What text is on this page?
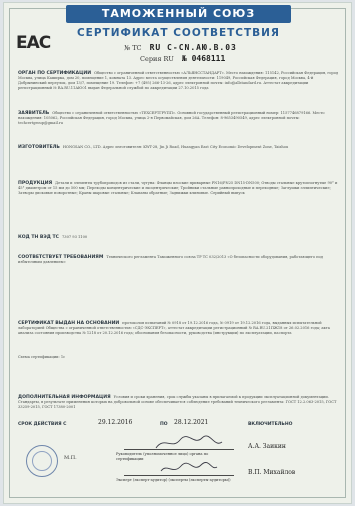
ТАМОЖЕННЫЙ СОЮЗ
СЕРТИФИКАТ СООТВЕТСТВИЯ
EAC	№ ТС RU C-CN.АЮ.В.03
Серия RU № 0468111
ОРГАН ПО СЕРТИФИКАЦИИ Общество с ограниченной ответственностью «АЛЬЯНССТАНДАРТ». Место нахождения: 115142, Российская Федерация, город Москва, улица Каширка, дом 20, помещение 1, комната 13. Адрес места осуществления деятельности: 119049, Российская Федерация, город Москва, 4-й Добрынинский переулок, дом 13/7, помещение 19. Телефон: +7 (495) 266-13-26, адрес электронной почты: info@allstandard.ru. Аттестат аккредитации регистрационный № RA.RU.11АЮ01 выдан Федеральной службой по аккредитации 27.10.2015 года
ЗАЯВИТЕЛЬ Общество с ограниченной ответственностью «ТЕХСЕРТГРУПП». Основной государственный регистрационный номер: 1157746879166. Место нахождения: 105062, Российская Федерация, город Москва, улица 2-я Первомайская, дом 26А. Телефон: 8-9653490549, адрес электронной почты: techcertgroup@gmail.ru
ИЗГОТОВИТЕЛЬ HONGSAN CO., LTD. Адрес изготовителя: KWT-28, Jin Ji Road, Huangyan East City Economic Development Zone, Taizhou
ПРОДУКЦИЯ Детали и элементы трубопроводов из стали, чугуна: Фланцы плоские приварные PN16/PN25 DN15-DN500; Отводы стальные крутоизогнутые 90° и 45° диаметром от 15 мм до 500 мм; Переходы концентрические и эксцентрические; Тройники стальные равнопроходные и переходные; Заглушки эллиптические; Затворы дисковые поворотные; Краны шаровые стальные; Клапаны обратные; Задвижки клиновые. Серийный выпуск
КОД ТН ВЭД ТС 7307 93 1100
СООТВЕТСТВУЕТ ТРЕБОВАНИЯМ Технического регламента Таможенного союза ТР ТС 032/2013 «О безопасности оборудования, работающего под избыточным давлением»
СЕРТИФИКАТ ВЫДАН НА ОСНОВАНИИ протоколов испытаний № 0918 от 19.12.2016 года, № 0919 от 19.12.2016 года, выданных испытательной лабораторией Общества с ограниченной ответственностью «СДС-ЭКСПЕРТ», аттестат аккредитации регистрационный № RA.RU.21ПЖ18 от 26.02.2016 года; акта анализа состояния производства № 1218 от 20.12.2016 года; обоснования безопасности, руководства (инструкции) по эксплуатации, паспорта
Схема сертификации: 1с
ДОПОЛНИТЕЛЬНАЯ ИНФОРМАЦИЯ Условия и сроки хранения, срок службы указаны в прилагаемой к продукции эксплуатационной документации. Стандарты, в результате применения которых на добровольной основе обеспечивается соблюдение требований технического регламента: ГОСТ 12.2.063-2015, ГОСТ 33259-2015, ГОСТ 17380-2001
СРОК ДЕЙСТВИЯ С	29.12.2016	ПО 28.12.2021	ВКЛЮЧИТЕЛЬНО
М.П.
Руководитель (уполномоченное лицо) органа по сертификации
А.А. Заикин
Эксперт (эксперт-аудитор) (эксперты (эксперты-аудиторы))
В.П. Михайлов
